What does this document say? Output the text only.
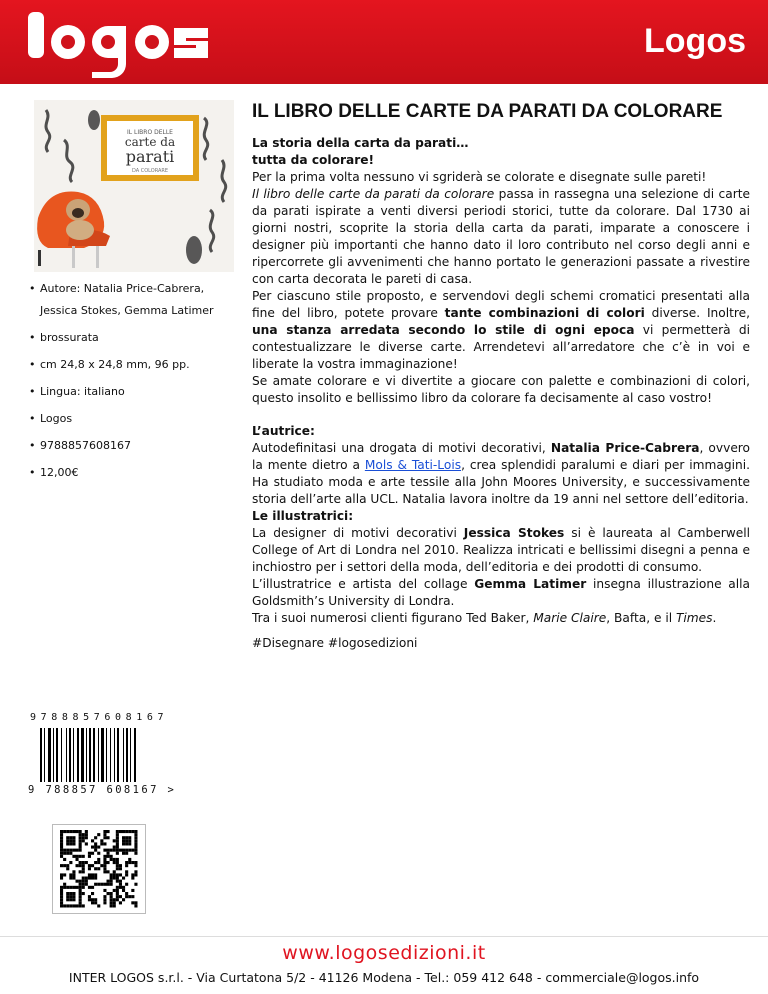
Logos
IL LIBRO DELLE
carte da
parati
DA COLORARE
• Autore: Natalia Price-Cabrera, Jessica Stokes, Gemma Latimer
• brossurata
• cm 24,8 x 24,8 mm, 96 pp.
• Lingua: italiano
• Logos
• 9788857608167
• 12,00€
IL LIBRO DELLE CARTE DA PARATI DA COLORARE

La storia della carta da parati…

tutta da colorare!

Per la prima volta nessuno vi sgriderà se colorate e disegnate sulle pareti!

Il libro delle carte da parati da colorare passa in rassegna una selezione di carte da parati ispirate a venti diversi periodi storici, tutte da colorare. Dal 1730 ai giorni nostri, scoprite la storia della carta da parati, imparate a conoscere i designer più importanti che hanno dato il loro contributo nel corso degli anni e ripercorrete gli avvenimenti che hanno portato le generazioni passate a rivestire con carta decorata le pareti di casa.

Per ciascuno stile proposto, e servendovi degli schemi cromatici presentati alla fine del libro, potete provare tante combinazioni di colori diverse. Inoltre, una stanza arredata secondo lo stile di ogni epoca vi permetterà di contestualizzare le diverse carte. Arrendetevi all’arredatore che c’è in voi e liberate la vostra immaginazione!

Se amate colorare e vi divertite a giocare con palette e combinazioni di colori, questo insolito e bellissimo libro da colorare fa decisamente al caso vostro!

L’autrice:

Autodefinitasi una drogata di motivi decorativi, Natalia Price-Cabrera, ovvero la mente dietro a Mols & Tati-Lois, crea splendidi paralumi e diari per immagini. Ha studiato moda e arte tessile alla John Moores University, e successivamente storia dell’arte alla UCL. Natalia lavora inoltre da 19 anni nel settore dell’editoria.

Le illustratrici:

La designer di motivi decorativi Jessica Stokes si è laureata al Camberwell College of Art di Londra nel 2010. Realizza intricati e bellissimi disegni a penna e inchiostro per i settori della moda, dell’editoria e dei prodotti di consumo.

L’illustratrice e artista del collage Gemma Latimer insegna illustrazione alla Goldsmith’s University di Londra.

Tra i suoi numerosi clienti figurano Ted Baker, Marie Claire, Bafta, e il Times.

#Disegnare #logosedizioni

9788857608167
9 788857 608167 >
www.logosedizioni.it
INTER LOGOS s.r.l. - Via Curtatona 5/2 - 41126 Modena - Tel.: 059 412 648 - commerciale@logos.info
